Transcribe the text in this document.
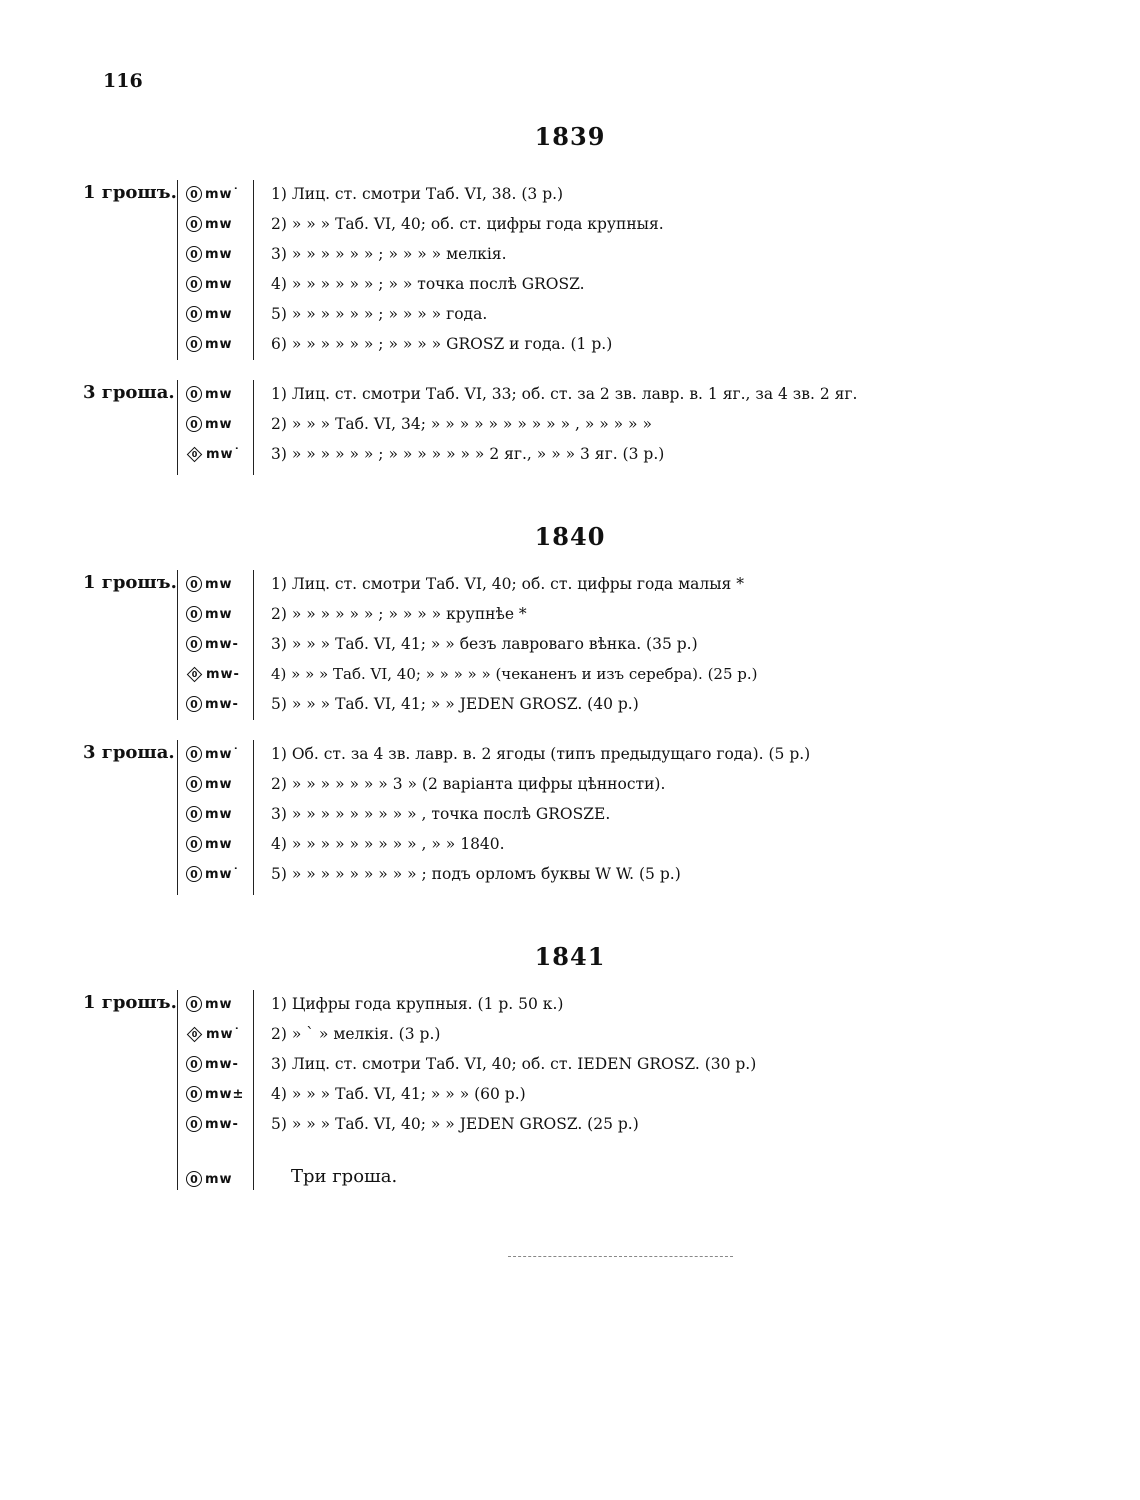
116
1839
1 грошъ.	0 mw˙ 1) Лиц. ст. смотри Таб. VI, 38. (3 р.)
0 mw 2) » » » Таб. VI, 40; об. ст. цифры года крупныя.
0 mw 3) » » » » » » ; » » » » мелкія.
0 mw 4) » » » » » » ; » » точка послѣ GROSZ.
0 mw 5) » » » » » » ; » » » » года.
0 mw 6) » » » » » » ; » » » » GROSZ и года. (1 р.)
3 гроша.	0 mw 1) Лиц. ст. смотри Таб. VI, 33; об. ст. за 2 зв. лавр. в. 1 яг., за 4 зв. 2 яг.
0 mw 2) » » » Таб. VI, 34; » » » » » » » » » » , » » » » »
0 mw˙ 3) » » » » » » ; » » » » » » » 2 яг., » » » 3 яг. (3 р.)
1840
1 грошъ.	0 mw 1) Лиц. ст. смотри Таб. VI, 40; об. ст. цифры года малыя *
0 mw 2) » » » » » » ; » » » » крупнѣе *
0 mw- 3) » » » Таб. VI, 41; » » безъ лавроваго вѣнка. (35 р.)
0 mw- 4) » » » Таб. VI, 40; » » » » » (чеканенъ и изъ серебра). (25 р.)
0 mw- 5) » » » Таб. VI, 41; » » JEDEN GROSZ. (40 р.)
3 гроша.	0 mw˙ 1) Об. ст. за 4 зв. лавр. в. 2 ягоды (типъ предыдущаго года). (5 р.)
0 mw 2) » » » » » » » 3 » (2 варіанта цифры цѣнности).
0 mw 3) » » » » » » » » » , точка послѣ GROSZE.
0 mw 4) » » » » » » » » » , » » 1840.
0 mw˙ 5) » » » » » » » » » ; подъ орломъ буквы W W. (5 р.)
1841
1 грошъ.	0 mw 1) Цифры года крупныя. (1 р. 50 к.)
0 mw˙ 2) » ˋ » мелкія. (3 р.)
0 mw- 3) Лиц. ст. смотри Таб. VI, 40; об. ст. IEDEN GROSZ. (30 р.)
0 mw± 4) » » » Таб. VI, 41; » » » (60 р.)
0 mw- 5) » » » Таб. VI, 40; » » JEDEN GROSZ. (25 р.)
0 mw	Три гроша.
